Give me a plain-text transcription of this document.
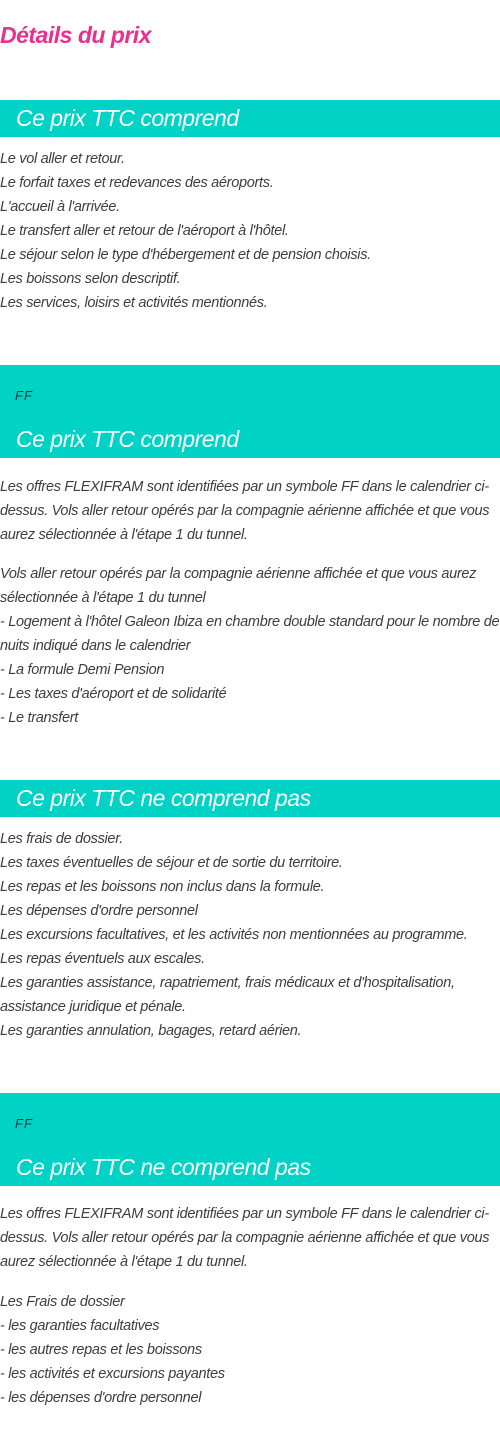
Détails du prix
Ce prix TTC comprend
Le vol aller et retour.
Le forfait taxes et redevances des aéroports.
L'accueil à l'arrivée.
Le transfert aller et retour de l'aéroport à l'hôtel.
Le séjour selon le type d'hébergement et de pension choisis.
Les boissons selon descriptif.
Les services, loisirs et activités mentionnés.
FF
Ce prix TTC comprend
Les offres FLEXIFRAM sont identifiées par un symbole FF dans le calendrier ci-dessus. Vols aller retour opérés par la compagnie aérienne affichée et que vous aurez sélectionnée à l'étape 1 du tunnel.
Vols aller retour opérés par la compagnie aérienne affichée et que vous aurez sélectionnée à l'étape 1 du tunnel
- Logement à l'hôtel Galeon Ibiza en chambre double standard pour le nombre de nuits indiqué dans le calendrier
- La formule Demi Pension
- Les taxes d'aéroport et de solidarité
- Le transfert
Ce prix TTC ne comprend pas
Les frais de dossier.
Les taxes éventuelles de séjour et de sortie du territoire.
Les repas et les boissons non inclus dans la formule.
Les dépenses d'ordre personnel
Les excursions facultatives, et les activités non mentionnées au programme.
Les repas éventuels aux escales.
Les garanties assistance, rapatriement, frais médicaux et d'hospitalisation, assistance juridique et pénale.
Les garanties annulation, bagages, retard aérien.
FF
Ce prix TTC ne comprend pas
Les offres FLEXIFRAM sont identifiées par un symbole FF dans le calendrier ci-dessus. Vols aller retour opérés par la compagnie aérienne affichée et que vous aurez sélectionnée à l'étape 1 du tunnel.
Les Frais de dossier
- les garanties facultatives
- les autres repas et les boissons
- les activités et excursions payantes
- les dépenses d'ordre personnel
